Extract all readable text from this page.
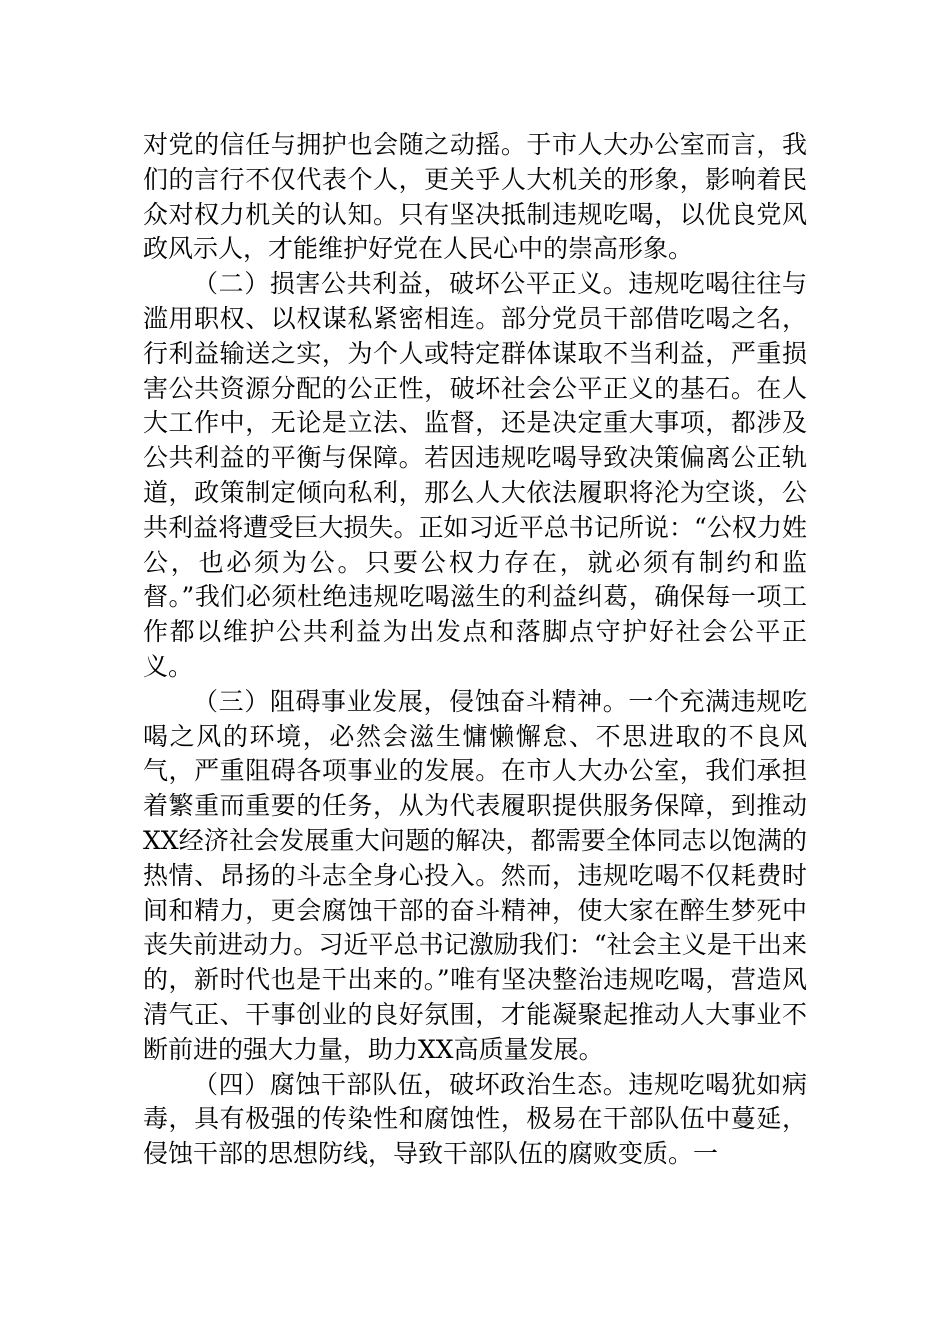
对党的信任与拥护也会随之动摇。于市人大办公室而言，我们的言行不仅代表个人，更关乎人大机关的形象，影响着民众对权力机关的认知。只有坚决抵制违规吃喝，以优良党风政风示人，才能维护好党在人民心中的崇高形象。

（二）损害公共利益，破坏公平正义。违规吃喝往往与滥用职权、以权谋私紧密相连。部分党员干部借吃喝之名，行利益输送之实，为个人或特定群体谋取不当利益，严重损害公共资源分配的公正性，破坏社会公平正义的基石。在人大工作中，无论是立法、监督，还是决定重大事项，都涉及公共利益的平衡与保障。若因违规吃喝导致决策偏离公正轨道，政策制定倾向私利，那么人大依法履职将沦为空谈，公共利益将遭受巨大损失。正如习近平总书记所说：“公权力姓公，也必须为公。只要公权力存在，就必须有制约和监督。”我们必须杜绝违规吃喝滋生的利益纠葛，确保每一项工作都以维护公共利益为出发点和落脚点守护好社会公平正义。

（三）阻碍事业发展，侵蚀奋斗精神。一个充满违规吃喝之风的环境，必然会滋生慵懒懈怠、不思进取的不良风气，严重阻碍各项事业的发展。在市人大办公室，我们承担着繁重而重要的任务，从为代表履职提供服务保障，到推动XX经济社会发展重大问题的解决，都需要全体同志以饱满的热情、昂扬的斗志全身心投入。然而，违规吃喝不仅耗费时间和精力，更会腐蚀干部的奋斗精神，使大家在醉生梦死中丧失前进动力。习近平总书记激励我们：“社会主义是干出来的，新时代也是干出来的。”唯有坚决整治违规吃喝，营造风清气正、干事创业的良好氛围，才能凝聚起推动人大事业不断前进的强大力量，助力XX高质量发展。

（四）腐蚀干部队伍，破坏政治生态。违规吃喝犹如病毒，具有极强的传染性和腐蚀性，极易在干部队伍中蔓延，侵蚀干部的思想防线，导致干部队伍的腐败变质。一
